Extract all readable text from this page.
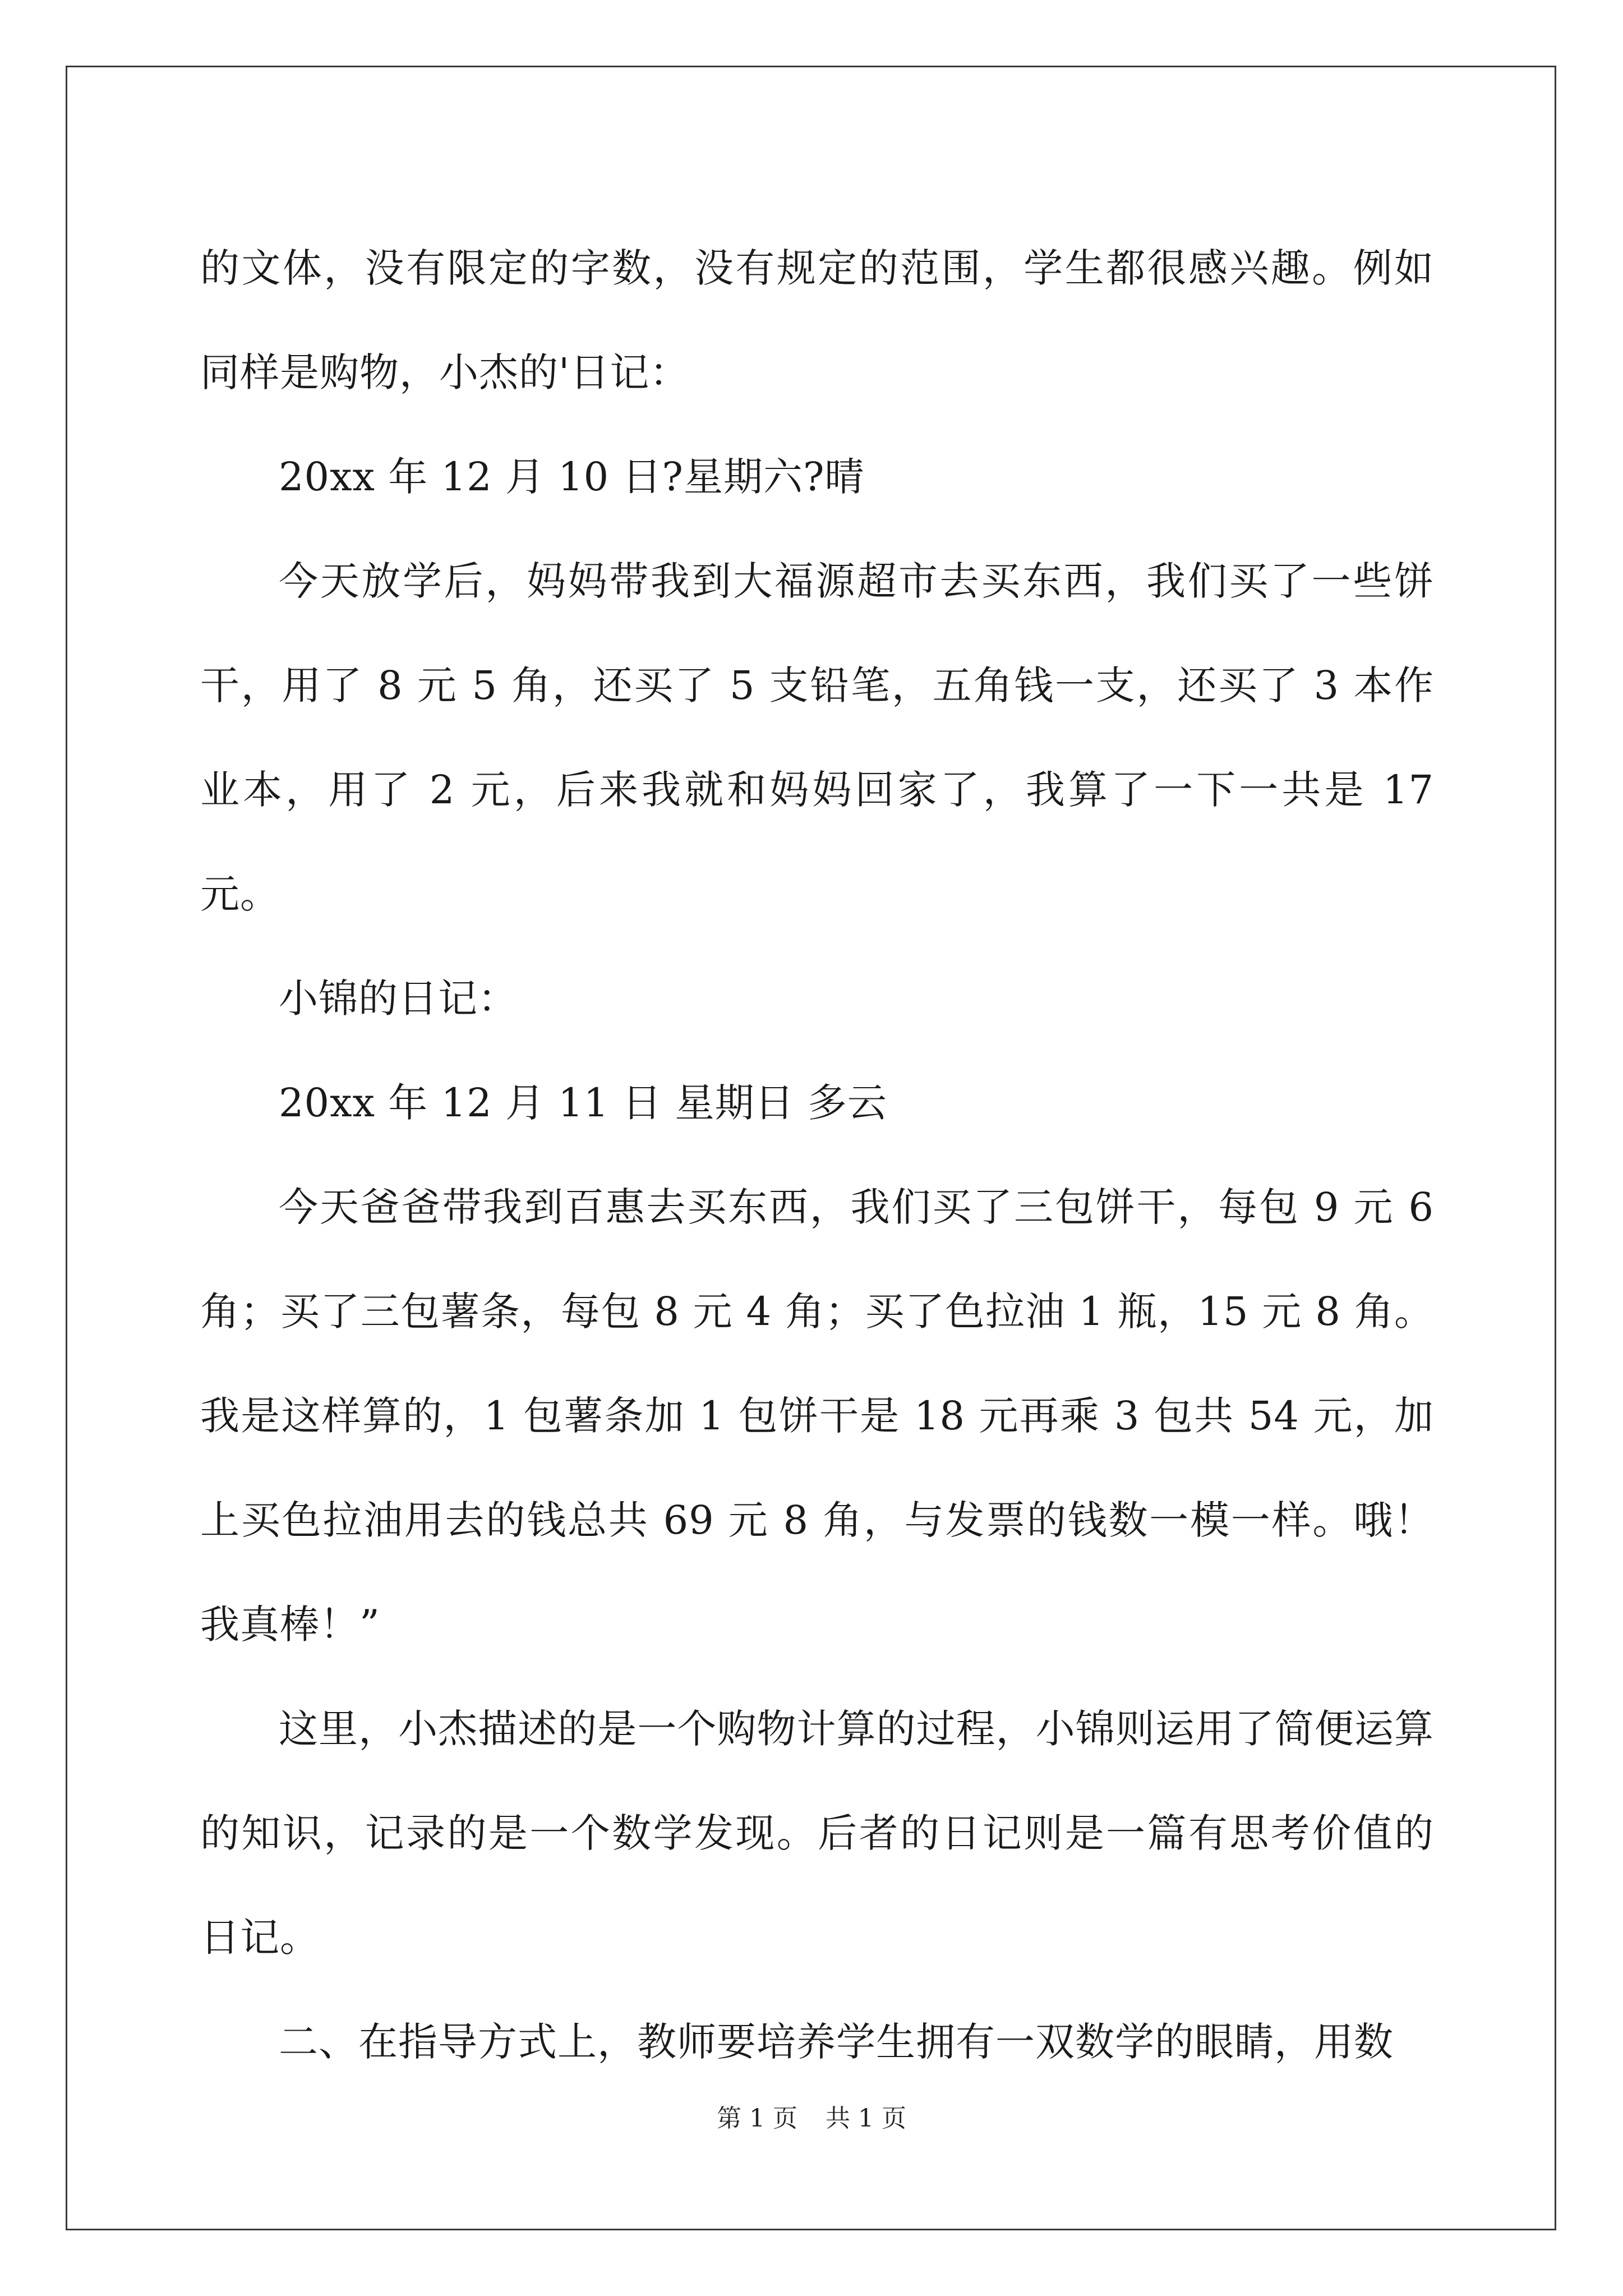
的文体，没有限定的字数，没有规定的范围，学生都很感兴趣。例如同样是购物，小杰的'日记：

20xx 年 12 月 10 日?星期六?晴

今天放学后，妈妈带我到大福源超市去买东西，我们买了一些饼干，用了 8 元 5 角，还买了 5 支铅笔，五角钱一支，还买了 3 本作业本，用了 2 元，后来我就和妈妈回家了，我算了一下一共是 17 元。

小锦的日记：

20xx 年 12 月 11 日 星期日 多云

今天爸爸带我到百惠去买东西，我们买了三包饼干，每包 9 元 6 角；买了三包薯条，每包 8 元 4 角；买了色拉油 1 瓶，15 元 8 角。我是这样算的，1 包薯条加 1 包饼干是 18 元再乘 3 包共 54 元，加上买色拉油用去的钱总共 69 元 8 角，与发票的钱数一模一样。哦！我真棒！”

这里，小杰描述的是一个购物计算的过程，小锦则运用了简便运算的知识，记录的是一个数学发现。后者的日记则是一篇有思考价值的日记。

二、在指导方式上，教师要培养学生拥有一双数学的眼睛，用数

第 1 页 共 1 页
